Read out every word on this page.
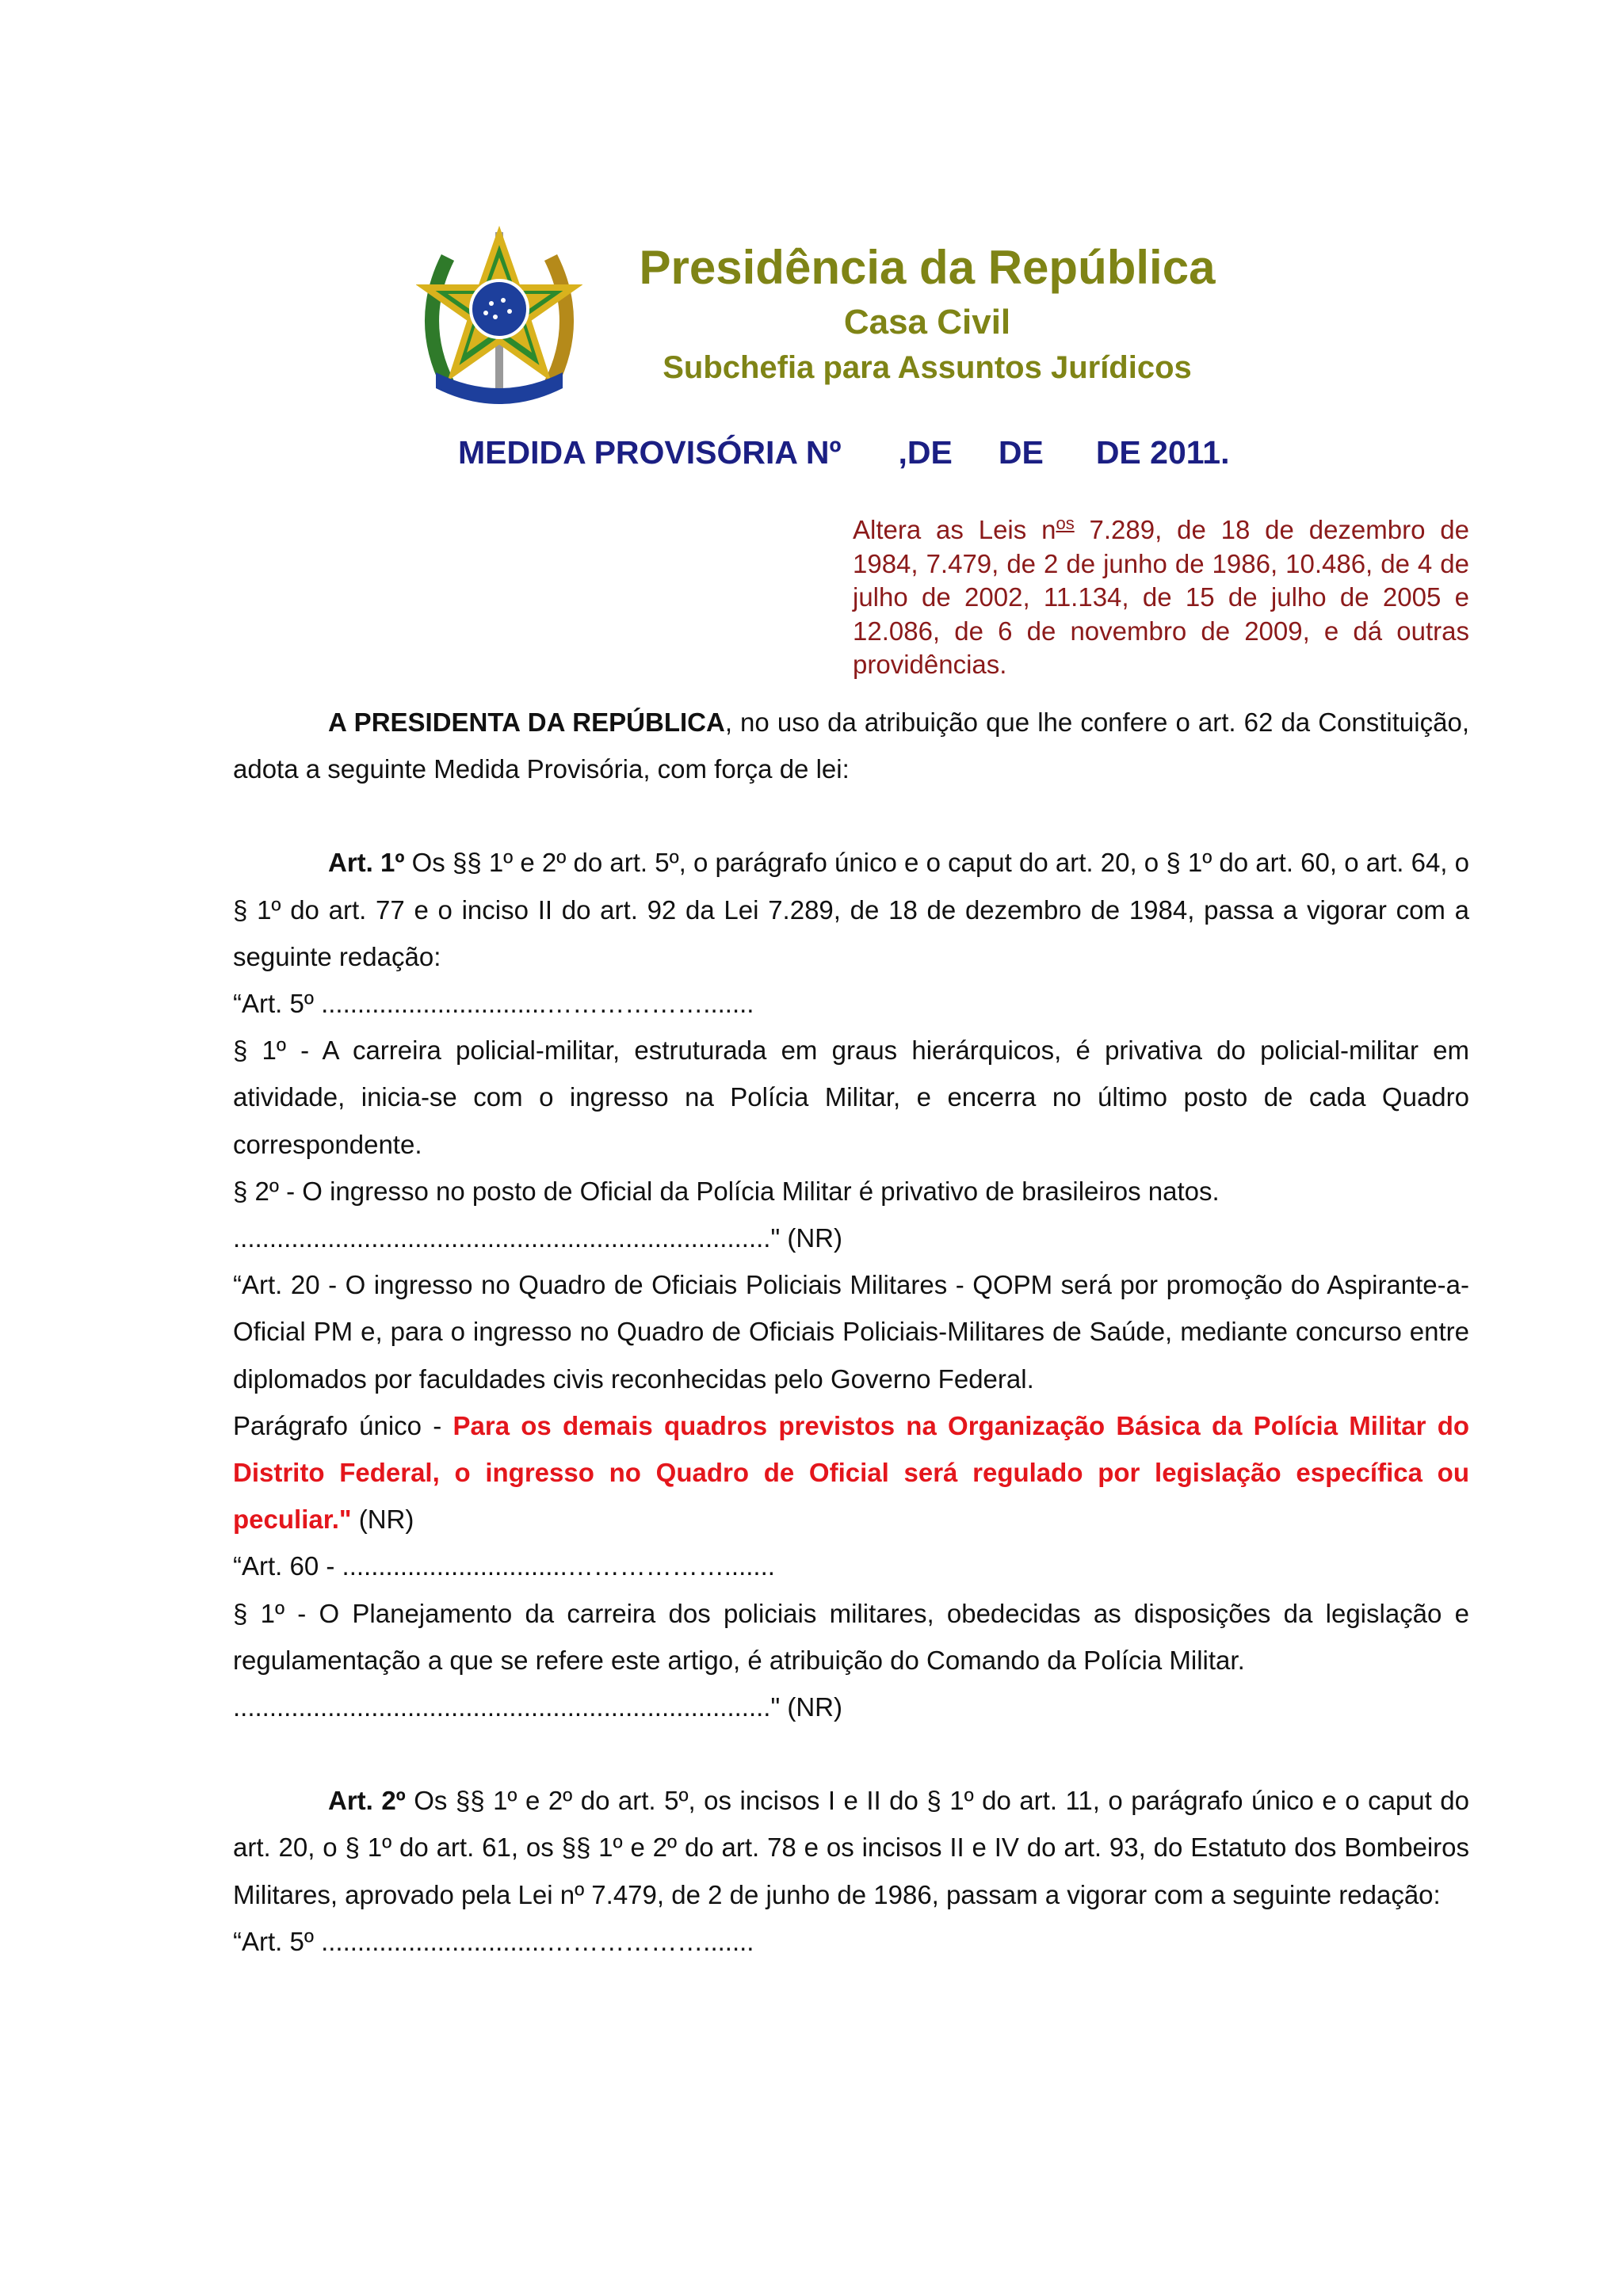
Presidência da República
Casa Civil
Subchefia para Assuntos Jurídicos
MEDIDA PROVISÓRIA Nº ,DE DE DE 2011.
Altera as Leis $n^{os}$ 7.289, de 18 de dezembro de 1984, 7.479, de 2 de junho de 1986, 10.486, de 4 de julho de 2002, 11.134, de 15 de julho de 2005 e 12.086, de 6 de novembro de 2009, e dá outras providências.

A PRESIDENTA DA REPÚBLICA, no uso da atribuição que lhe confere o art. 62 da Constituição, adota a seguinte Medida Provisória, com força de lei:

Art. 1º Os §§ 1º e 2º do art. 5º, o parágrafo único e o caput do art. 20, o § 1º do art. 60, o art. 64, o § 1º do art. 77 e o inciso II do art. 92 da Lei 7.289, de 18 de dezembro de 1984, passa a vigorar com a seguinte redação:

“Art. 5º ...............................……………….......

§ 1º - A carreira policial-militar, estruturada em graus hierárquicos, é privativa do policial-militar em atividade, inicia-se com o ingresso na Polícia Militar, e encerra no último posto de cada Quadro correspondente.

§ 2º - O ingresso no posto de Oficial da Polícia Militar é privativo de brasileiros natos.

.........................................................................." (NR)

“Art. 20 - O ingresso no Quadro de Oficiais Policiais Militares - QOPM será por promoção do Aspirante-a-Oficial PM e, para o ingresso no Quadro de Oficiais Policiais-Militares de Saúde, mediante concurso entre diplomados por faculdades civis reconhecidas pelo Governo Federal.

Parágrafo único - Para os demais quadros previstos na Organização Básica da Polícia Militar do Distrito Federal, o ingresso no Quadro de Oficial será regulado por legislação específica ou peculiar." (NR)

“Art. 60 - ...............................……………….......

§ 1º - O Planejamento da carreira dos policiais militares, obedecidas as disposições da legislação e regulamentação a que se refere este artigo, é atribuição do Comando da Polícia Militar.

.........................................................................." (NR)

Art. 2º Os §§ 1º e 2º do art. 5º, os incisos I e II do § 1º do art. 11, o parágrafo único e o caput do art. 20, o § 1º do art. 61, os §§ 1º e 2º do art. 78 e os incisos II e IV do art. 93, do Estatuto dos Bombeiros Militares, aprovado pela Lei nº 7.479, de 2 de junho de 1986, passam a vigorar com a seguinte redação:

“Art. 5º ...............................……………….......
